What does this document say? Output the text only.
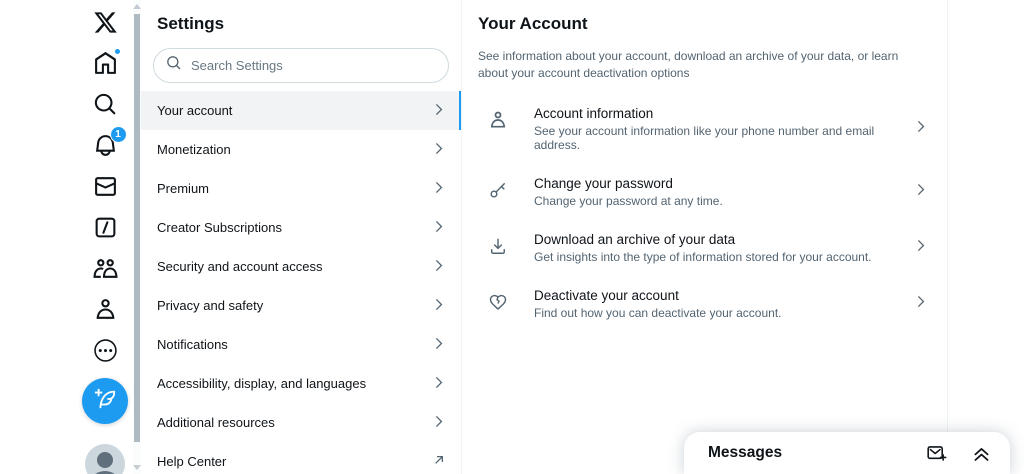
1
Settings
Search Settings
Your account
Monetization
Premium
Creator Subscriptions
Security and account access
Privacy and safety
Notifications
Accessibility, display, and languages
Additional resources
Help Center
Your Account

See information about your account, download an archive of your data, or learn about your account deactivation options

Account information
See your account information like your phone number and email address.
Change your password
Change your password at any time.
Download an archive of your data
Get insights into the type of information stored for your account.
Deactivate your account
Find out how you can deactivate your account.
Messages
